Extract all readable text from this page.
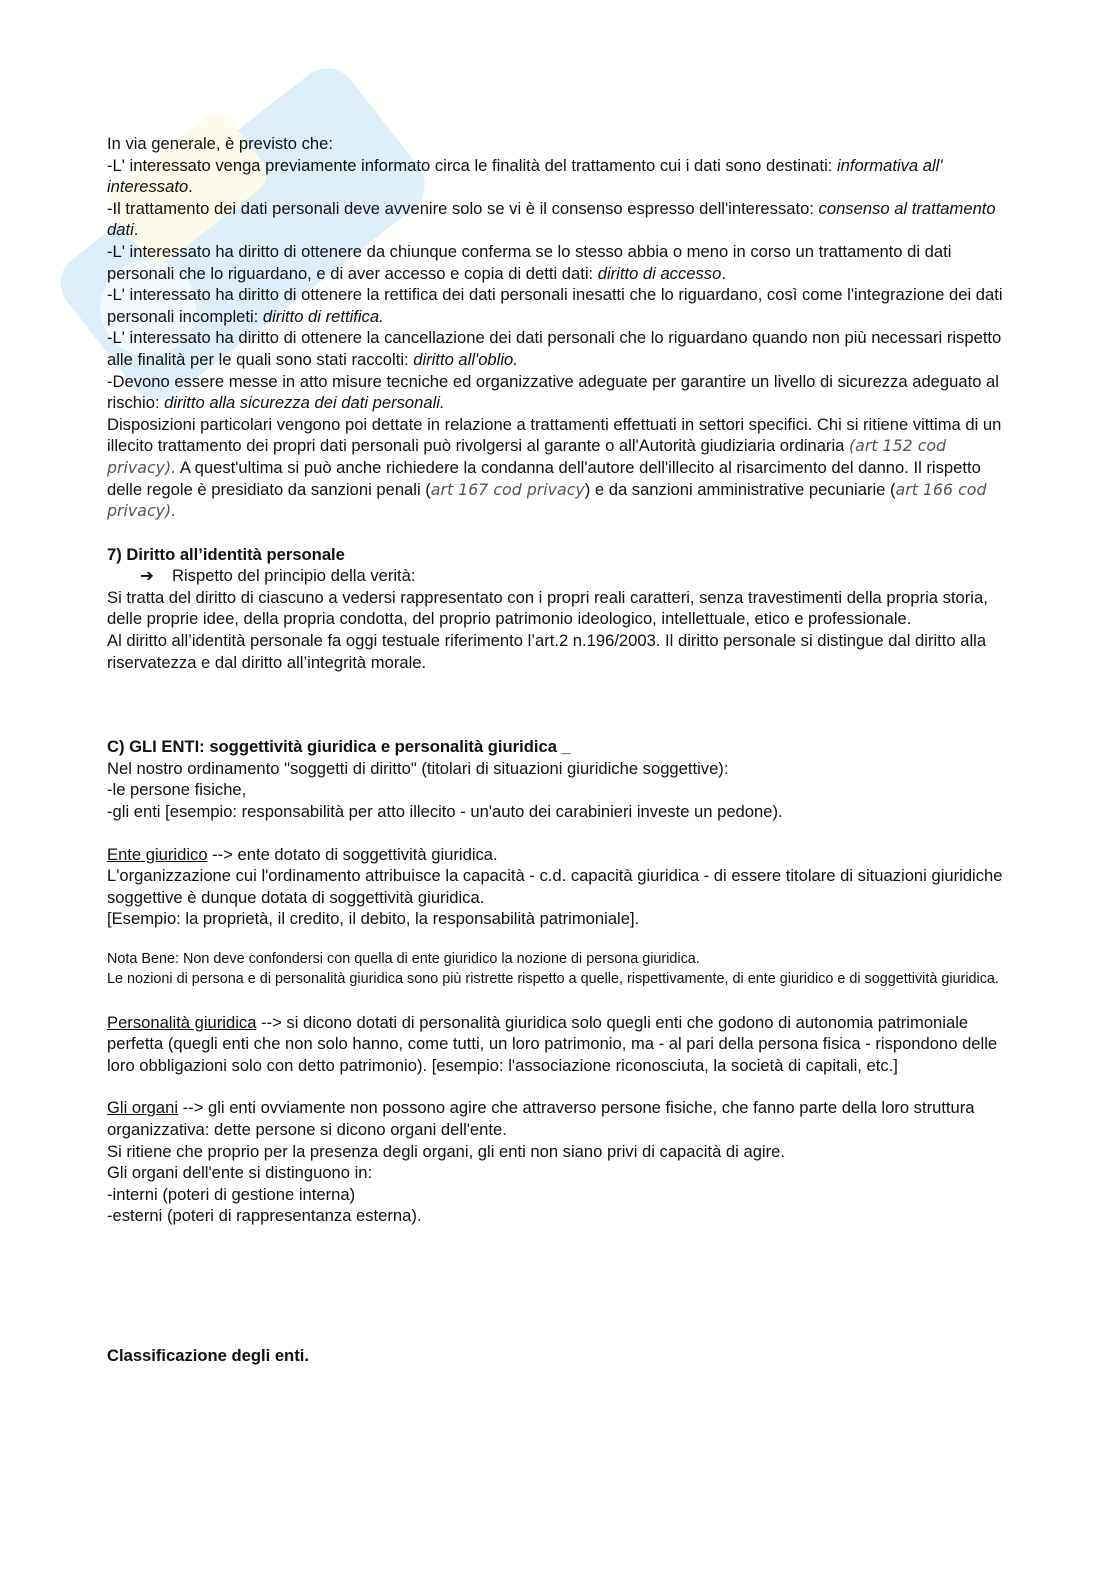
In via generale, è previsto che:

-L' interessato venga previamente informato circa le finalità del trattamento cui i dati sono destinati: informativa all' interessato.

-Il trattamento dei dati personali deve avvenire solo se vi è il consenso espresso dell'interessato: consenso al trattamento dati.

-L' interessato ha diritto di ottenere da chiunque conferma se lo stesso abbia o meno in corso un trattamento di dati personali che lo riguardano, e di aver accesso e copia di detti dati: diritto di accesso.

-L' interessato ha diritto di ottenere la rettifica dei dati personali inesatti che lo riguardano, così come l'integrazione dei dati personali incompleti: diritto di rettifica.

-L' interessato ha diritto di ottenere la cancellazione dei dati personali che lo riguardano quando non più necessari rispetto alle finalità per le quali sono stati raccolti: diritto all'oblio.

-Devono essere messe in atto misure tecniche ed organizzative adeguate per garantire un livello di sicurezza adeguato al rischio: diritto alla sicurezza dei dati personali.

Disposizioni particolari vengono poi dettate in relazione a trattamenti effettuati in settori specifici. Chi si ritiene vittima di un illecito trattamento dei propri dati personali può rivolgersi al garante o all'Autorità giudiziaria ordinaria (art 152 cod privacy). A quest'ultima si può anche richiedere la condanna dell'autore dell'illecito al risarcimento del danno. Il rispetto delle regole è presidiato da sanzioni penali (art 167 cod privacy) e da sanzioni amministrative pecuniarie (art 166 cod privacy).

7) Diritto all’identità personale

➔ Rispetto del principio della verità:

Si tratta del diritto di ciascuno a vedersi rappresentato con i propri reali caratteri, senza travestimenti della propria storia, delle proprie idee, della propria condotta, del proprio patrimonio ideologico, intellettuale, etico e professionale.

Al diritto all’identità personale fa oggi testuale riferimento l’art.2 n.196/2003. Il diritto personale si distingue dal diritto alla riservatezza e dal diritto all’integrità morale.

C) GLI ENTI: soggettività giuridica e personalità giuridica _

Nel nostro ordinamento "soggetti di diritto" (titolari di situazioni giuridiche soggettive):

-le persone fisiche,

-gli enti [esempio: responsabilità per atto illecito - un'auto dei carabinieri investe un pedone).

Ente giuridico --> ente dotato di soggettività giuridica.

L'organizzazione cui l'ordinamento attribuisce la capacità - c.d. capacità giuridica - di essere titolare di situazioni giuridiche soggettive è dunque dotata di soggettività giuridica.

[Esempio: la proprietà, il credito, il debito, la responsabilità patrimoniale].

Nota Bene: Non deve confondersi con quella di ente giuridico la nozione di persona giuridica.

Le nozioni di persona e di personalità giuridica sono più ristrette rispetto a quelle, rispettivamente, di ente giuridico e di soggettività giuridica.

Personalità giuridica --> si dicono dotati di personalità giuridica solo quegli enti che godono di autonomia patrimoniale perfetta (quegli enti che non solo hanno, come tutti, un loro patrimonio, ma - al pari della persona fisica - rispondono delle loro obbligazioni solo con detto patrimonio). [esempio: l'associazione riconosciuta, la società di capitali, etc.]

Gli organi --> gli enti ovviamente non possono agire che attraverso persone fisiche, che fanno parte della loro struttura organizzativa: dette persone si dicono organi dell'ente.

Si ritiene che proprio per la presenza degli organi, gli enti non siano privi di capacità di agire.

Gli organi dell'ente si distinguono in:

-interni (poteri di gestione interna)

-esterni (poteri di rappresentanza esterna).

Classificazione degli enti.
